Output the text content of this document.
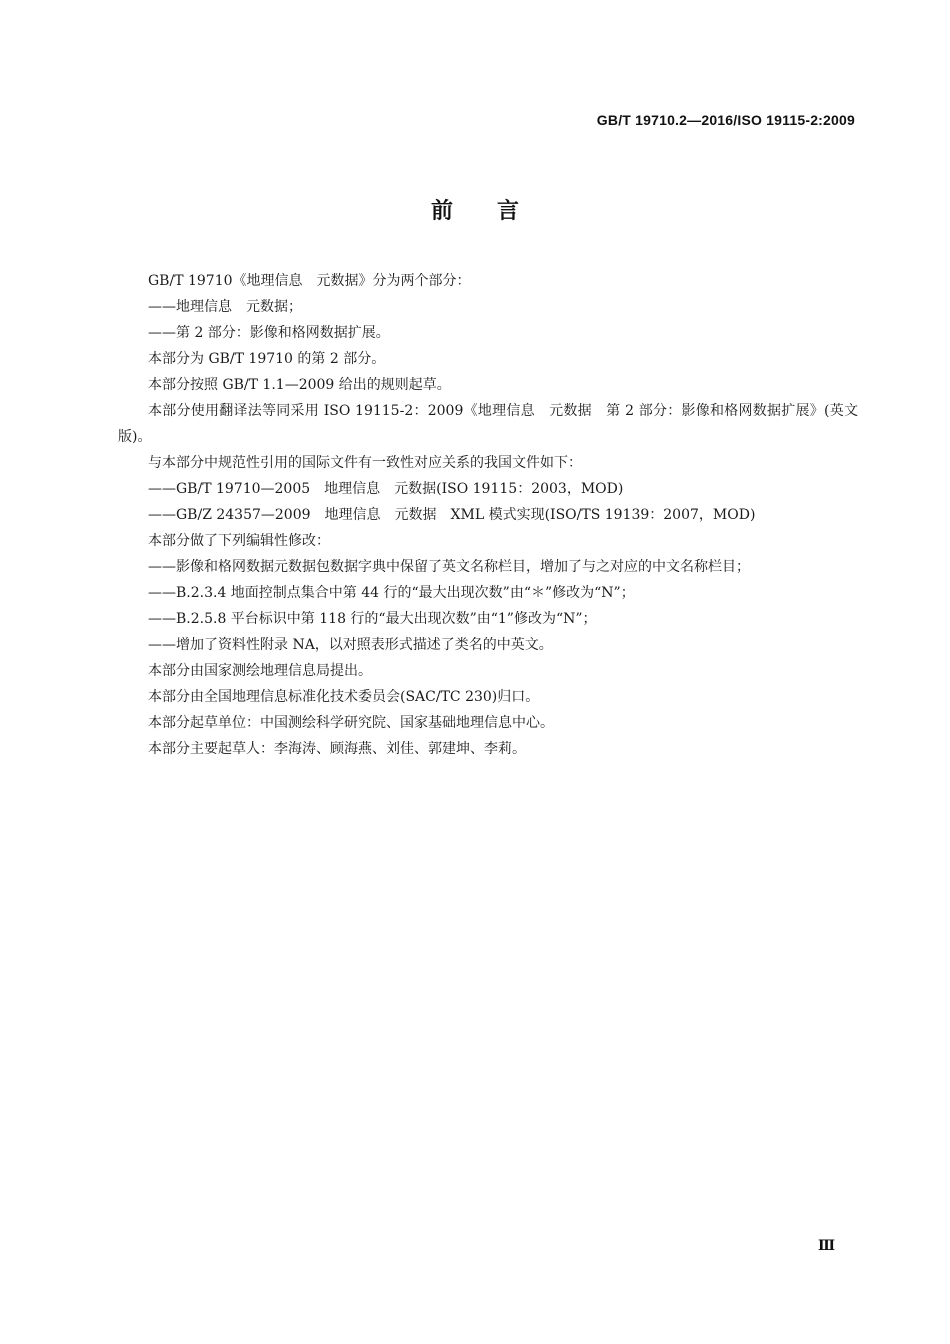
GB/T 19710.2—2016/ISO 19115-2:2009
前言

GB/T 19710《地理信息　元数据》分为两个部分：

——地理信息　元数据；

——第 2 部分：影像和格网数据扩展。

本部分为 GB/T 19710 的第 2 部分。

本部分按照 GB/T 1.1—2009 给出的规则起草。

本部分使用翻译法等同采用 ISO 19115-2：2009《地理信息　元数据　第 2 部分：影像和格网数据扩展》(英文版)。

与本部分中规范性引用的国际文件有一致性对应关系的我国文件如下：

——GB/T 19710—2005　地理信息　元数据(ISO 19115：2003，MOD)

——GB/Z 24357—2009　地理信息　元数据　XML 模式实现(ISO/TS 19139：2007，MOD)

本部分做了下列编辑性修改：

——影像和格网数据元数据包数据字典中保留了英文名称栏目，增加了与之对应的中文名称栏目；

——B.2.3.4 地面控制点集合中第 44 行的“最大出现次数”由“＊”修改为“N”；

——B.2.5.8 平台标识中第 118 行的“最大出现次数”由“1”修改为“N”；

——增加了资料性附录 NA，以对照表形式描述了类名的中英文。

本部分由国家测绘地理信息局提出。

本部分由全国地理信息标准化技术委员会(SAC/TC 230)归口。

本部分起草单位：中国测绘科学研究院、国家基础地理信息中心。

本部分主要起草人：李海涛、顾海燕、刘佳、郭建坤、李莉。

Ⅲ
